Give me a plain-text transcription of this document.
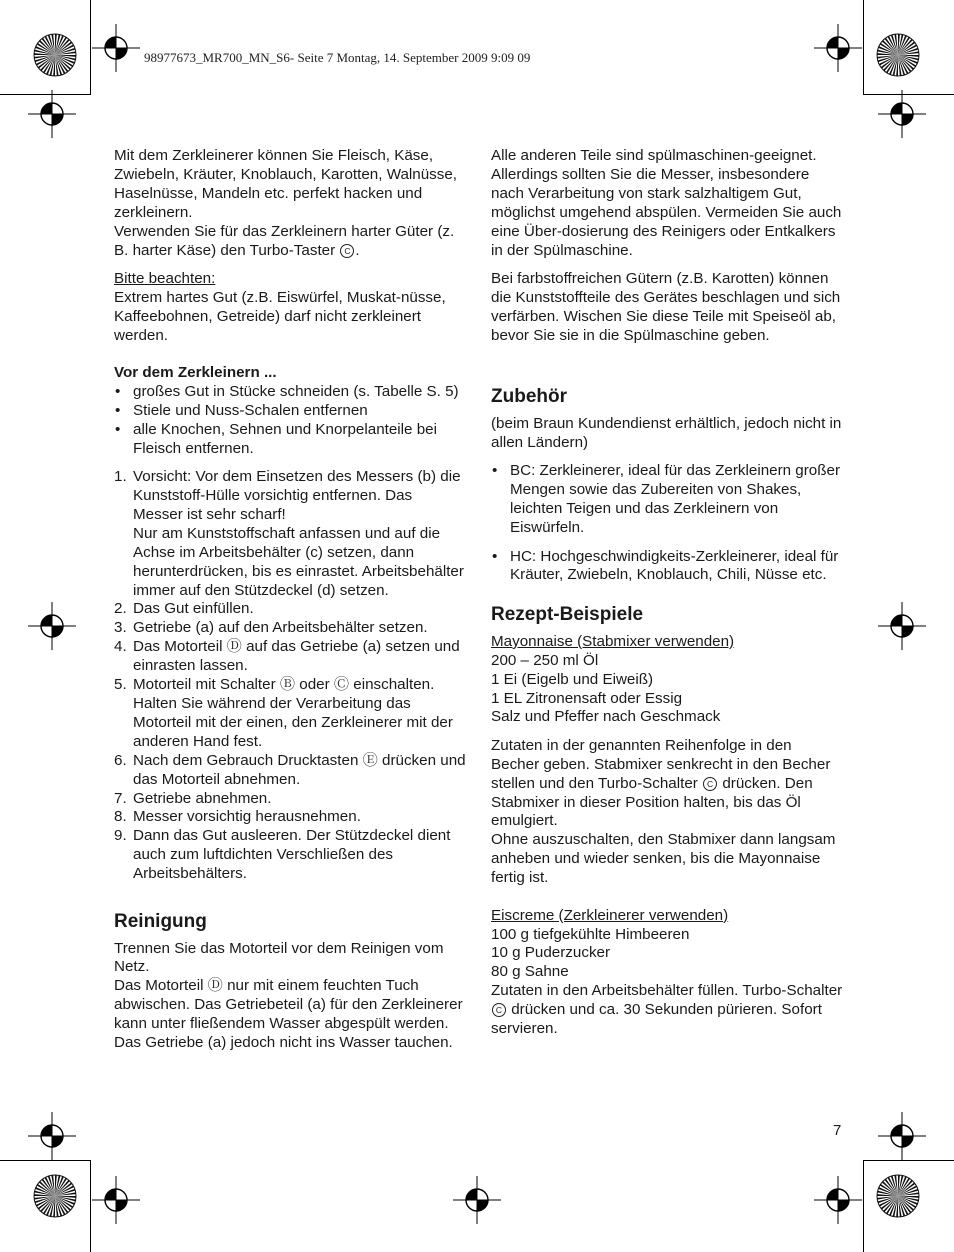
98977673_MR700_MN_S6- Seite 7 Montag, 14. September 2009 9:09 09

Mit dem Zerkleinerer können Sie Fleisch, Käse, Zwiebeln, Kräuter, Knoblauch, Karotten, Walnüsse, Haselnüsse, Mandeln etc. perfekt hacken und zerkleinern.

Verwenden Sie für das Zerkleinern harter Güter (z. B. harter Käse) den Turbo-Taster C .

Bitte beachten:

Extrem hartes Gut (z.B. Eiswürfel, Muskat-nüsse, Kaffeebohnen, Getreide) darf nicht zerkleinert werden.

Vor dem Zerkleinern ...
• großes Gut in Stücke schneiden (s. Tabelle S. 5)
• Stiele und Nuss-Schalen entfernen
• alle Knochen, Sehnen und Knorpelanteile bei Fleisch entfernen.
1. Vorsicht: Vor dem Einsetzen des Messers (b) die Kunststoff-Hülle vorsichtig entfernen. Das Messer ist sehr scharf!
Nur am Kunststoffschaft anfassen und auf die Achse im Arbeitsbehälter (c) setzen, dann herunterdrücken, bis es einrastet. Arbeitsbehälter immer auf den Stützdeckel (d) setzen.
2. Das Gut einfüllen.
3. Getriebe (a) auf den Arbeitsbehälter setzen.
4. Das Motorteil Ⓓ auf das Getriebe (a) setzen und einrasten lassen.
5. Motorteil mit Schalter Ⓑ oder Ⓒ einschalten. Halten Sie während der Verarbeitung das Motorteil mit der einen, den Zerkleinerer mit der anderen Hand fest.
6. Nach dem Gebrauch Drucktasten Ⓔ drücken und das Motorteil abnehmen.
7. Getriebe abnehmen.
8. Messer vorsichtig herausnehmen.
9. Dann das Gut ausleeren. Der Stützdeckel dient auch zum luftdichten Verschließen des Arbeitsbehälters.
Reinigung

Trennen Sie das Motorteil vor dem Reinigen vom Netz.

Das Motorteil Ⓓ nur mit einem feuchten Tuch abwischen. Das Getriebeteil (a) für den Zerkleinerer kann unter fließendem Wasser abgespült werden. Das Getriebe (a) jedoch nicht ins Wasser tauchen.

Alle anderen Teile sind spülmaschinen-geeignet. Allerdings sollten Sie die Messer, insbesondere nach Verarbeitung von stark salzhaltigem Gut, möglichst umgehend abspülen. Vermeiden Sie auch eine Über-dosierung des Reinigers oder Entkalkers in der Spülmaschine.

Bei farbstoffreichen Gütern (z.B. Karotten) können die Kunststoffteile des Gerätes beschlagen und sich verfärben. Wischen Sie diese Teile mit Speiseöl ab, bevor Sie sie in die Spülmaschine geben.

Zubehör

(beim Braun Kundendienst erhältlich, jedoch nicht in allen Ländern)

• BC: Zerkleinerer, ideal für das Zerkleinern großer Mengen sowie das Zubereiten von Shakes, leichten Teigen und das Zerkleinern von Eiswürfeln.
• HC: Hochgeschwindigkeits-Zerkleinerer, ideal für Kräuter, Zwiebeln, Knoblauch, Chili, Nüsse etc.
Rezept-Beispiele
Mayonnaise (Stabmixer verwenden)
200 – 250 ml Öl
1 Ei (Eigelb und Eiweiß)
1 EL Zitronensaft oder Essig

Salz und Pfeffer nach Geschmack

Zutaten in der genannten Reihenfolge in den Becher geben. Stabmixer senkrecht in den Becher stellen und den Turbo-Schalter C drücken. Den Stabmixer in dieser Position halten, bis das Öl emulgiert.

Ohne auszuschalten, den Stabmixer dann langsam anheben und wieder senken, bis die Mayonnaise fertig ist.

Eiscreme (Zerkleinerer verwenden)
100 g tiefgekühlte Himbeeren
10 g Puderzucker
80 g Sahne

Zutaten in den Arbeitsbehälter füllen. Turbo-Schalter C drücken und ca. 30 Sekunden pürieren. Sofort servieren.

7
